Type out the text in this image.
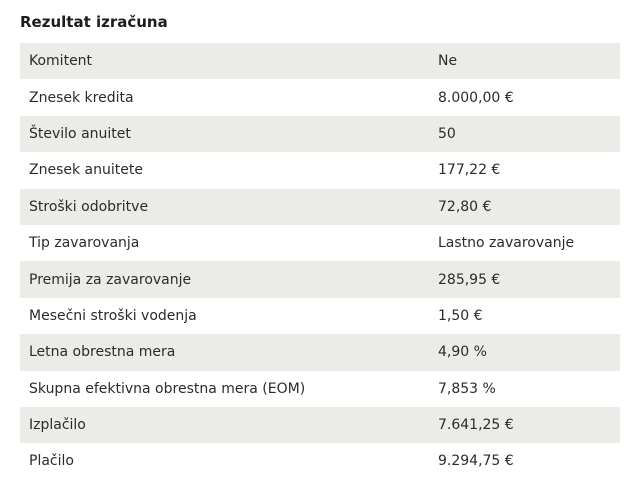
Rezultat izračuna
Komitent	Ne
Znesek kredita	8.000,00 €
Število anuitet	50
Znesek anuitete	177,22 €
Stroški odobritve	72,80 €
Tip zavarovanja	Lastno zavarovanje
Premija za zavarovanje	285,95 €
Mesečni stroški vodenja	1,50 €
Letna obrestna mera	4,90 %
Skupna efektivna obrestna mera (EOM)	7,853 %
Izplačilo	7.641,25 €
Plačilo	9.294,75 €
